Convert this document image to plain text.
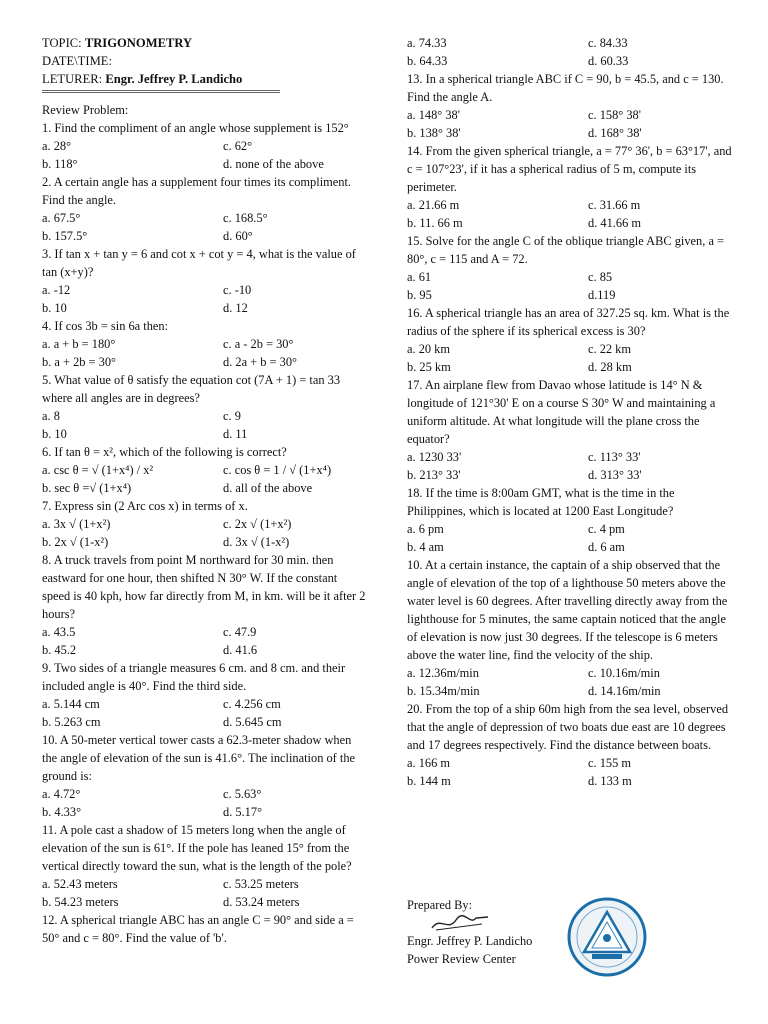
TOPIC: TRIGONOMETRY
DATE\TIME:
LETURER: Engr. Jeffrey P. Landicho
Review Problem:
1. Find the compliment of an angle whose supplement is 152°
a. 28°	c. 62°
b. 118°	d. none of the above
2. A certain angle has a supplement four times its compliment. Find the angle.
a. 67.5°	c. 168.5°
b. 157.5°	d. 60°
3. If tan x + tan y = 6 and cot x + cot y = 4, what is the value of tan (x+y)?
a. -12	c. -10
b. 10	d. 12
4. If cos 3b = sin 6a then:
a. a + b = 180°	c. a - 2b = 30°
b. a + 2b = 30°	d. 2a + b = 30°
5. What value of θ satisfy the equation cot (7A + 1) = tan 33 where all angles are in degrees?
a. 8	c. 9
b. 10	d. 11
6. If tan θ = x², which of the following is correct?
a. csc θ = √ (1+x⁴) / x²	c. cos θ = 1 / √ (1+x⁴)
b. sec θ =√ (1+x⁴)	d. all of the above
7. Express sin (2 Arc cos x) in terms of x.
a. 3x √ (1+x²)	c. 2x √ (1+x²)
b. 2x √ (1-x²)	d. 3x √ (1-x²)
8. A truck travels from point M northward for 30 min. then eastward for one hour, then shifted N 30° W. If the constant speed is 40 kph, how far directly from M, in km. will be it after 2 hours?
a. 43.5	c. 47.9
b. 45.2	d. 41.6
9. Two sides of a triangle measures 6 cm. and 8 cm. and their included angle is 40°. Find the third side.
a. 5.144 cm	c. 4.256 cm
b. 5.263 cm	d. 5.645 cm
10. A 50-meter vertical tower casts a 62.3-meter shadow when the angle of elevation of the sun is 41.6°. The inclination of the ground is:
a. 4.72°	c. 5.63°
b. 4.33°	d. 5.17°
11. A pole cast a shadow of 15 meters long when the angle of elevation of the sun is 61°. If the pole has leaned 15° from the vertical directly toward the sun, what is the length of the pole?
a. 52.43 meters	c. 53.25 meters
b. 54.23 meters	d. 53.24 meters
12. A spherical triangle ABC has an angle C = 90° and side a = 50° and c = 80°. Find the value of 'b'.
a. 74.33	c. 84.33
b. 64.33	d. 60.33
13. In a spherical triangle ABC if C = 90, b = 45.5, and c = 130. Find the angle A.
a. 148° 38'	c. 158° 38'
b. 138° 38'	d. 168° 38'
14. From the given spherical triangle, a = 77° 36', b = 63°17', and c = 107°23', if it has a spherical radius of 5 m, compute its perimeter.
a. 21.66 m	c. 31.66 m
b. 11. 66 m	d. 41.66 m
15. Solve for the angle C of the oblique triangle ABC given, a = 80°, c = 115 and A = 72.
a. 61	c. 85
b. 95	d.119
16. A spherical triangle has an area of 327.25 sq. km. What is the radius of the sphere if its spherical excess is 30?
a. 20 km	c. 22 km
b. 25 km	d. 28 km
17. An airplane flew from Davao whose latitude is 14° N & longitude of 121°30' E on a course S 30° W and maintaining a uniform altitude. At what longitude will the plane cross the equator?
a. 1230 33'	c. 113° 33'
b. 213° 33'	d. 313° 33'
18. If the time is 8:00am GMT, what is the time in the Philippines, which is located at 1200 East Longitude?
a. 6 pm	c. 4 pm
b. 4 am	d. 6 am
10. At a certain instance, the captain of a ship observed that the angle of elevation of the top of a lighthouse 50 meters above the water level is 60 degrees. After travelling directly away from the lighthouse for 5 minutes, the same captain noticed that the angle of elevation is now just 30 degrees. If the telescope is 6 meters above the water line, find the velocity of the ship.
a. 12.36m/min	c. 10.16m/min
b. 15.34m/min	d. 14.16m/min
20. From the top of a ship 60m high from the sea level, observed that the angle of depression of two boats due east are 10 degrees and 17 degrees respectively. Find the distance between boats.
a. 166 m	c. 155 m
b. 144 m	d. 133 m
Prepared By:
Engr. Jeffrey P. Landicho
Power Review Center
